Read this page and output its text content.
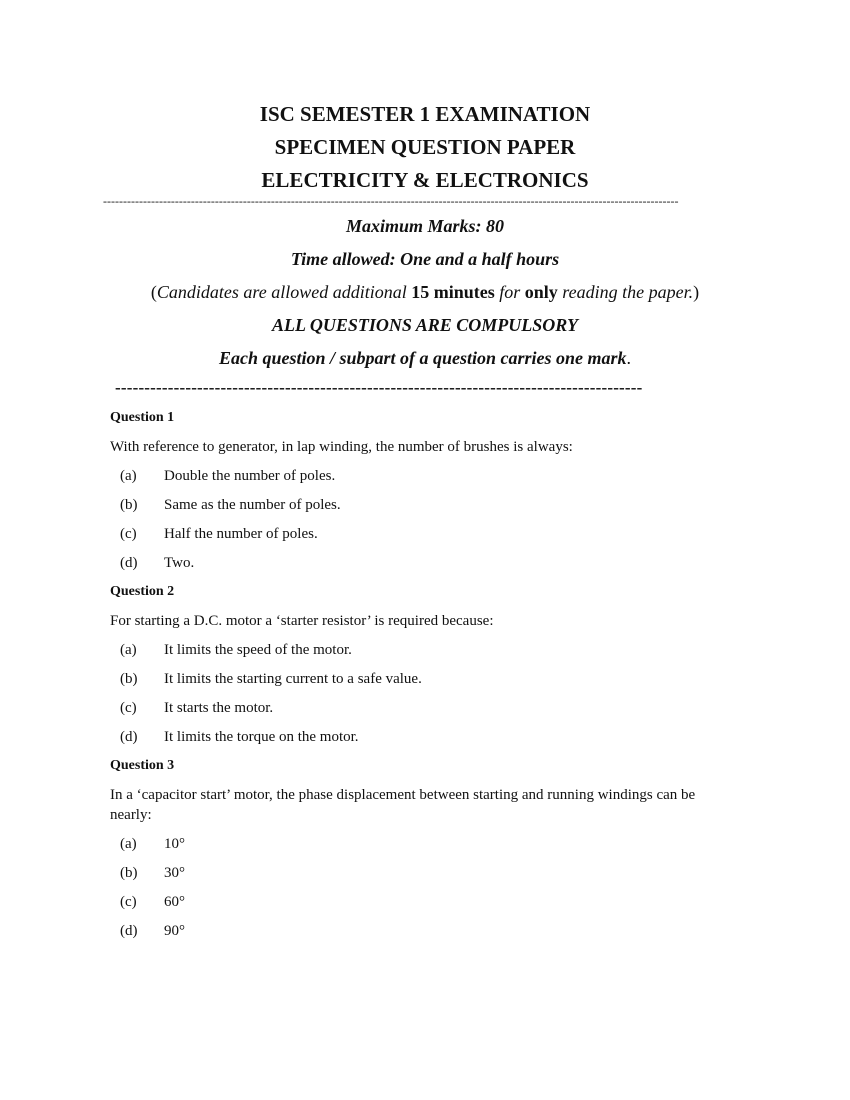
ISC SEMESTER 1 EXAMINATION
SPECIMEN QUESTION PAPER
ELECTRICITY & ELECTRONICS
------------------------------------------------------------------------------------------------------------------------------------------------
Maximum Marks: 80
Time allowed: One and a half hours
(Candidates are allowed additional 15 minutes for only reading the paper.)
ALL QUESTIONS ARE COMPULSORY
Each question / subpart of a question carries one mark.
------------------------------------------------------------------------------------------
Question 1
With reference to generator, in lap winding, the number of brushes is always:
(a)	Double the number of poles.
(b)	Same as the number of poles.
(c)	Half the number of poles.
(d)	Two.
Question 2
For starting a D.C. motor a ‘starter resistor’ is required because:
(a)	It limits the speed of the motor.
(b)	It limits the starting current to a safe value.
(c)	It starts the motor.
(d)	It limits the torque on the motor.
Question 3
In a ‘capacitor start’ motor, the phase displacement between starting and running windings can be nearly:
(a)	10°
(b)	30°
(c)	60°
(d)	90°
